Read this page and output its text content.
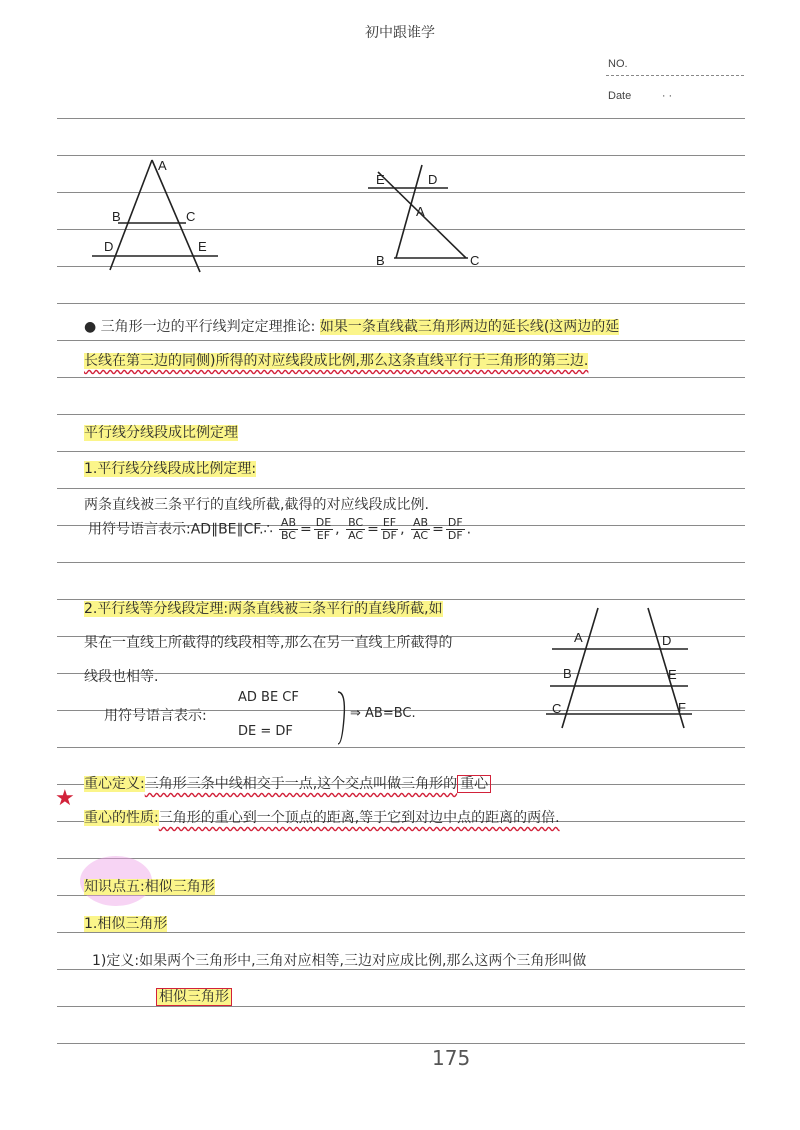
初中跟谁学
NO.
Date	· ·
A
B	C
D	E
E	D
A
B	C
● 三角形一边的平行线判定定理推论: 如果一条直线截三角形两边的延长线(这两边的延
长线在第三边的同侧)所得的对应线段成比例,那么这条直线平行于三角形的第三边.
平行线分线段成比例定理
1.平行线分线段成比例定理:
两条直线被三条平行的直线所截,截得的对应线段成比例.
用符号语言表示:AD∥BE∥CF.∴ $\frac{AB}{BC} = \frac{DE}{EF}$ , $\frac{BC}{AC} = \frac{EF}{DF}$ , $\frac{AB}{AC} = \frac{DF}{DF}$ .
2.平行线等分线段定理:两条直线被三条平行的直线所截,如
果在一直线上所截得的线段相等,那么在另一直线上所截得的
线段也相等.
用符号语言表示:
AD BE CF
DE = DF
⇒ AB=BC.
A	D
B	E
C	F
★
重心定义:三角形三条中线相交于一点,这个交点叫做三角形的 重心
重心的性质:三角形的重心到一个顶点的距离,等于它到对边中点的距离的两倍.
知识点五:相似三角形
1.相似三角形
1)定义:如果两个三角形中,三角对应相等,三边对应成比例,那么这两个三角形叫做
相似三角形
175
